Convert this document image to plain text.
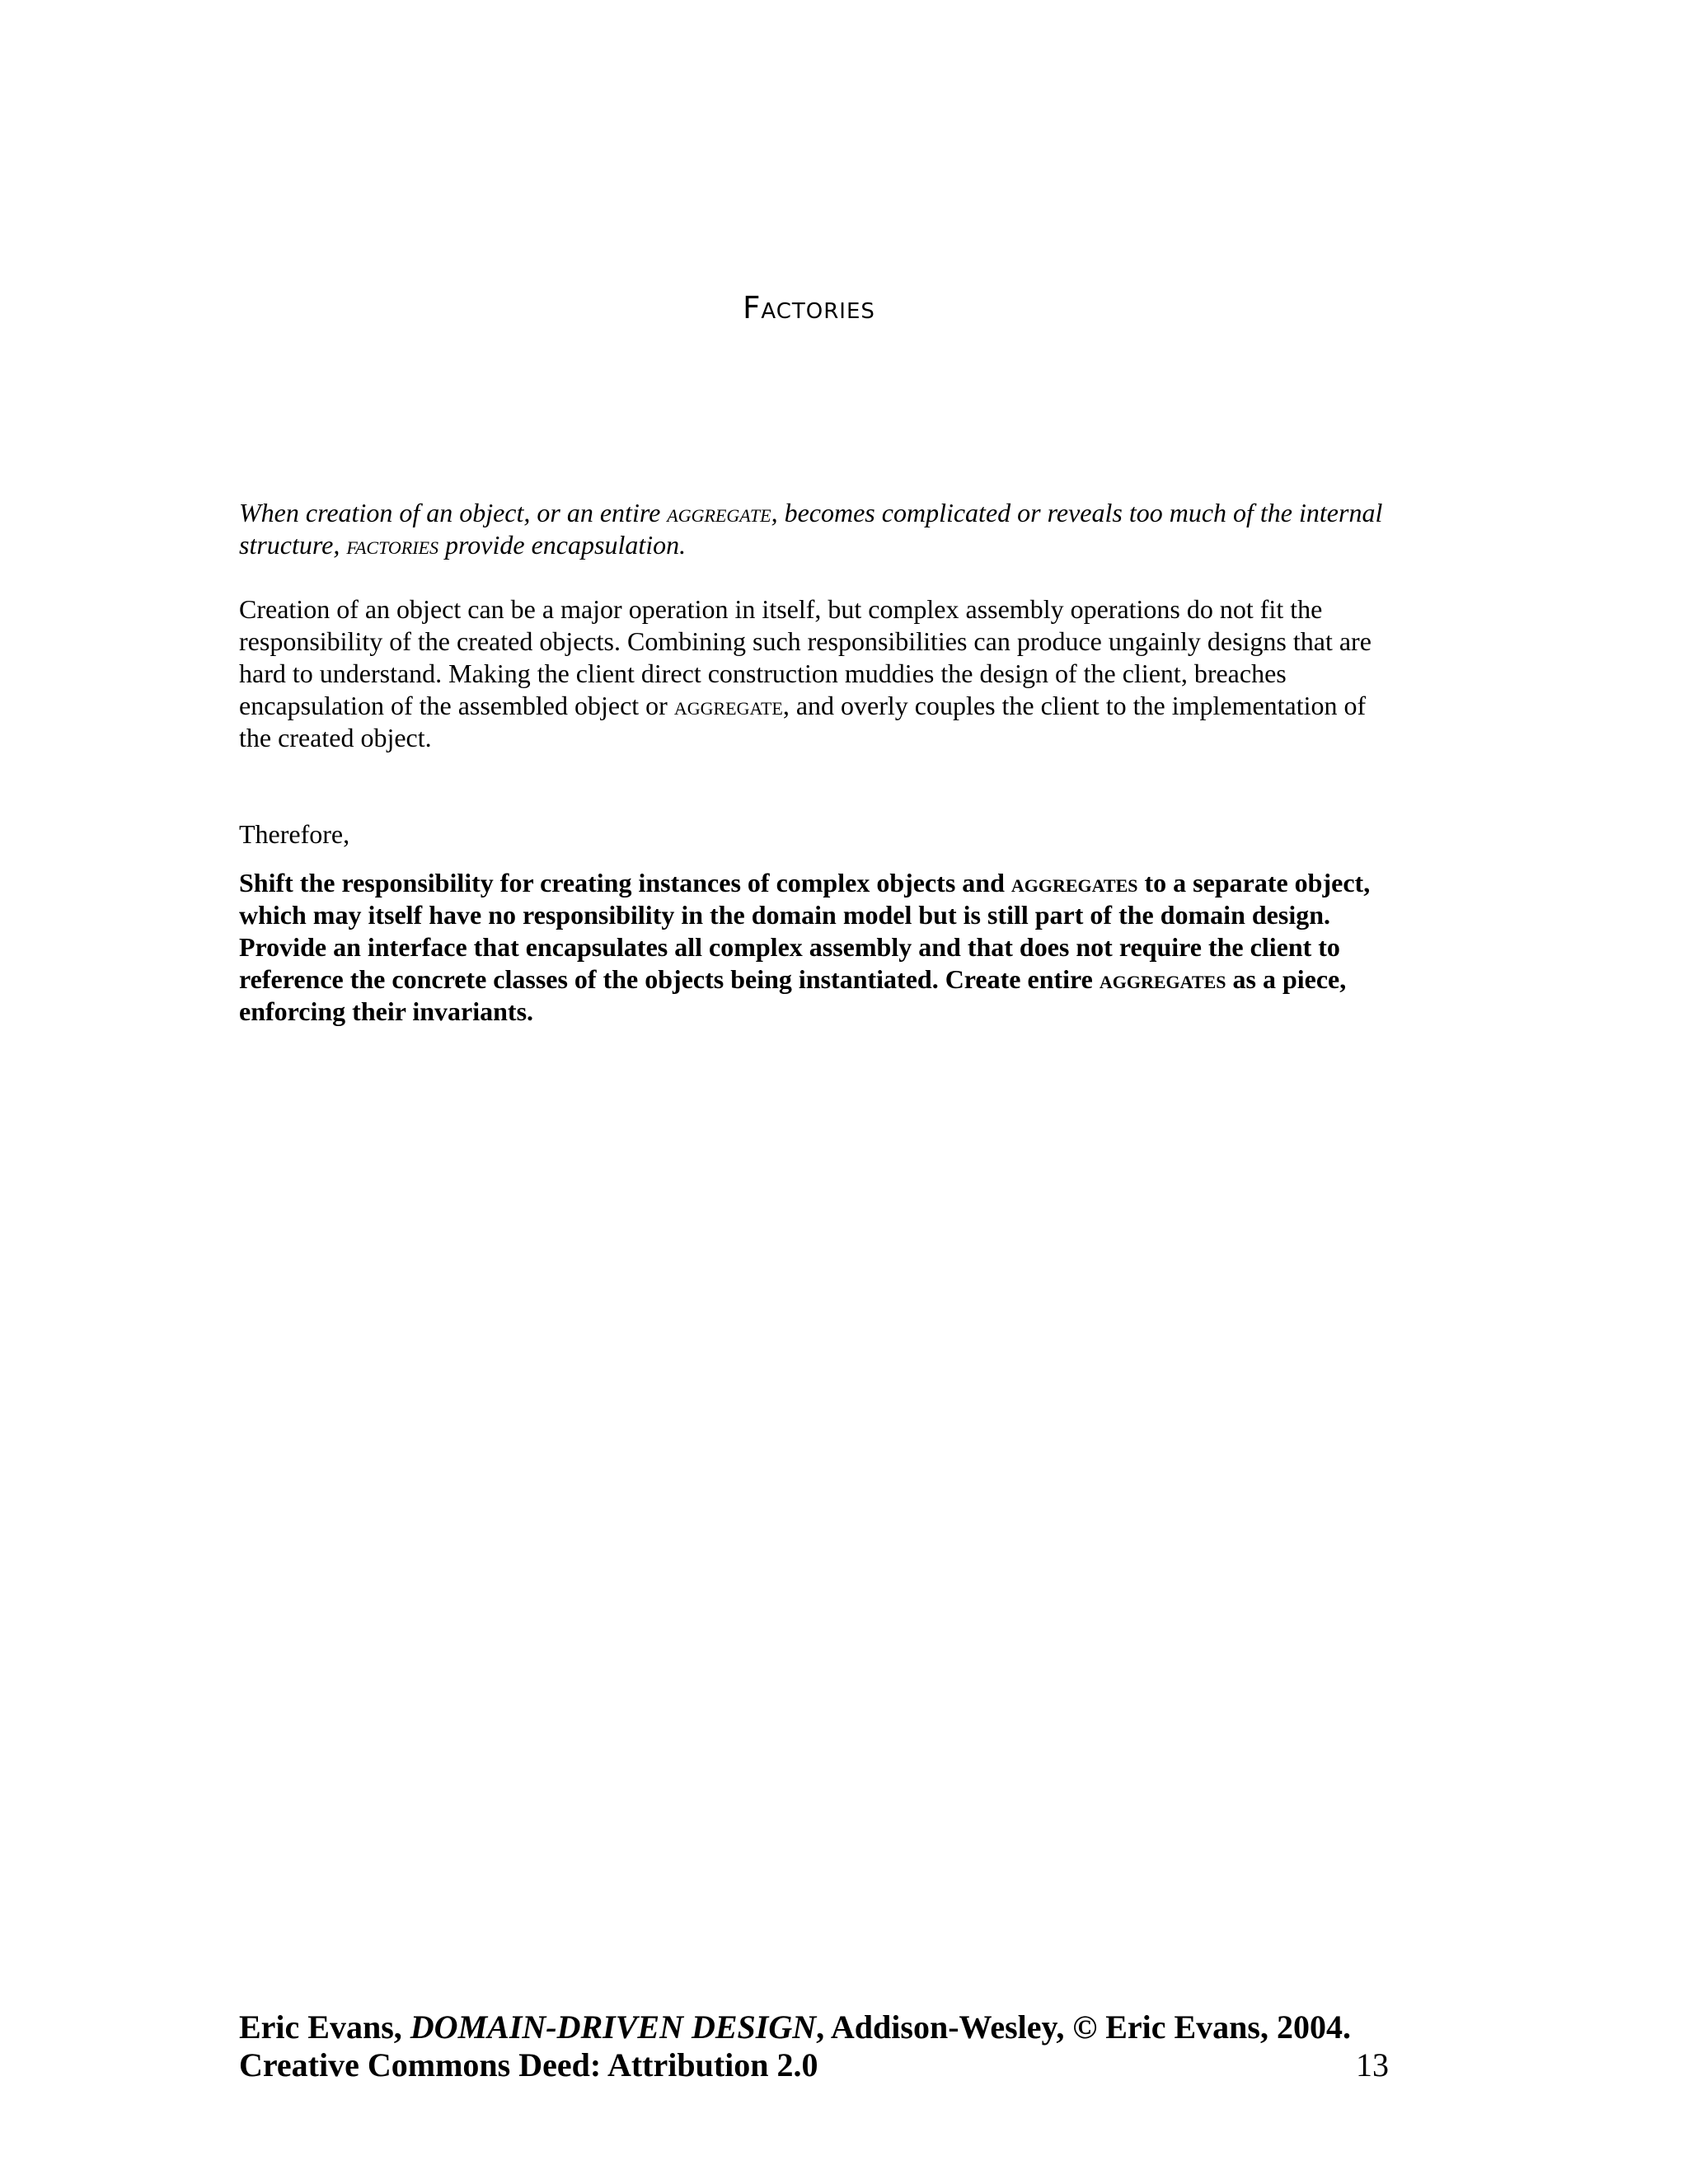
Factories

When creation of an object, or an entire aggregate, becomes complicated or reveals too much of the internal structure, factories provide encapsulation.

Creation of an object can be a major operation in itself, but complex assembly operations do not fit the responsibility of the created objects. Combining such responsibilities can produce ungainly designs that are hard to understand. Making the client direct construction muddies the design of the client, breaches encapsulation of the assembled object or aggregate, and overly couples the client to the implementation of the created object.

Therefore,

Shift the responsibility for creating instances of complex objects and aggregates to a separate object, which may itself have no responsibility in the domain model but is still part of the domain design. Provide an interface that encapsulates all complex assembly and that does not require the client to reference the concrete classes of the objects being instantiated. Create entire aggregates as a piece, enforcing their invariants.

Eric Evans, DOMAIN-DRIVEN DESIGN, Addison-Wesley, © Eric Evans, 2004.
Creative Commons Deed: Attribution 2.0	13
